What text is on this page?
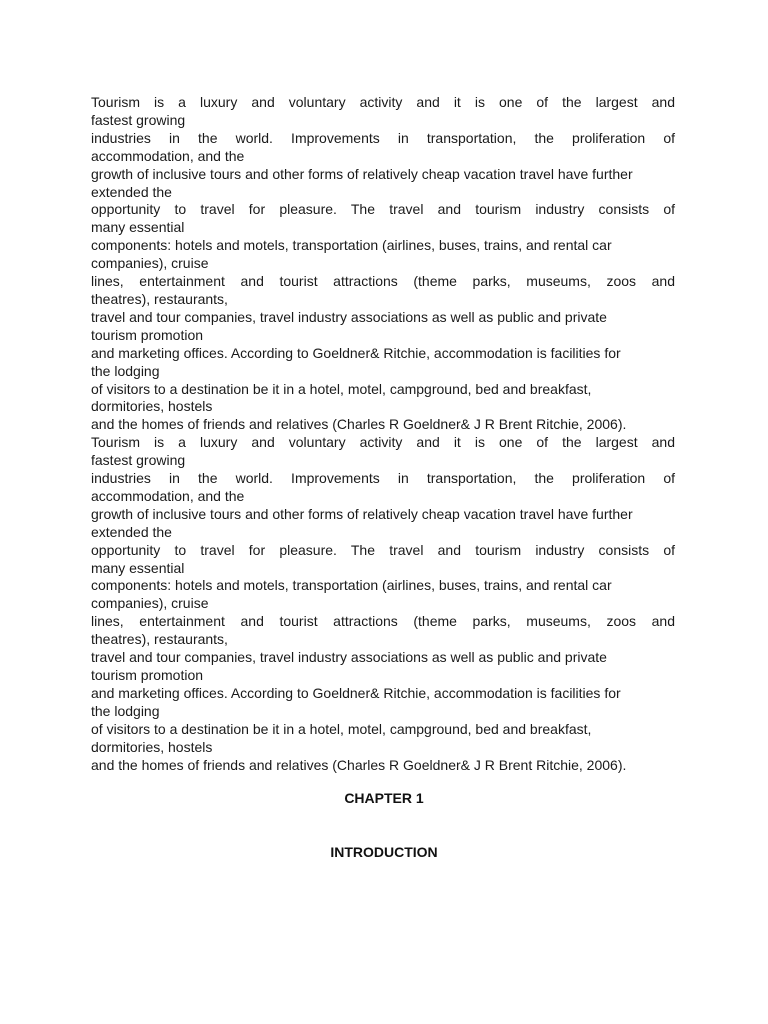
Tourism is a luxury and voluntary activity and it is one of the largest and
fastest growing
industries in the world. Improvements in transportation, the proliferation of
accommodation, and the
growth of inclusive tours and other forms of relatively cheap vacation travel have further
extended the
opportunity to travel for pleasure. The travel and tourism industry consists of
many essential
components: hotels and motels, transportation (airlines, buses, trains, and rental car
companies), cruise
lines, entertainment and tourist attractions (theme parks, museums, zoos and
theatres), restaurants,
travel and tour companies, travel industry associations as well as public and private
tourism promotion
and marketing offices. According to Goeldner& Ritchie, accommodation is facilities for
the lodging
of visitors to a destination be it in a hotel, motel, campground, bed and breakfast,
dormitories, hostels
and the homes of friends and relatives (Charles R Goeldner& J R Brent Ritchie, 2006).
Tourism is a luxury and voluntary activity and it is one of the largest and
fastest growing
industries in the world. Improvements in transportation, the proliferation of
accommodation, and the
growth of inclusive tours and other forms of relatively cheap vacation travel have further
extended the
opportunity to travel for pleasure. The travel and tourism industry consists of
many essential
components: hotels and motels, transportation (airlines, buses, trains, and rental car
companies), cruise
lines, entertainment and tourist attractions (theme parks, museums, zoos and
theatres), restaurants,
travel and tour companies, travel industry associations as well as public and private
tourism promotion
and marketing offices. According to Goeldner& Ritchie, accommodation is facilities for
the lodging
of visitors to a destination be it in a hotel, motel, campground, bed and breakfast,
dormitories, hostels
and the homes of friends and relatives (Charles R Goeldner& J R Brent Ritchie, 2006).
CHAPTER 1
INTRODUCTION
